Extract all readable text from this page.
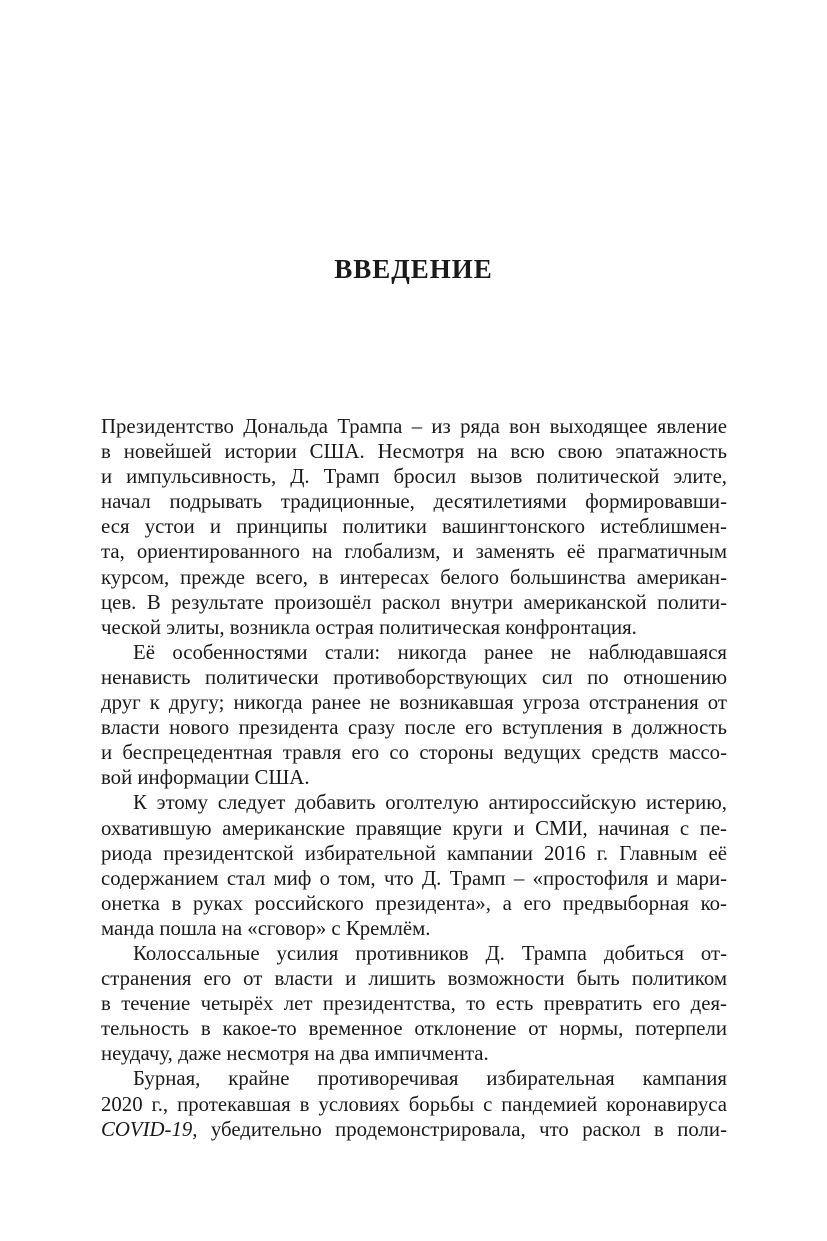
ВВЕДЕНИЕ
Президентство Дональда Трампа – из ряда вон выходящее явление
в новейшей истории США. Несмотря на всю свою эпатажность
и импульсивность, Д. Трамп бросил вызов политической элите,
начал подрывать традиционные, десятилетиями формировавши-
еся устои и принципы политики вашингтонского истеблишмен-
та, ориентированного на глобализм, и заменять её прагматичным
курсом, прежде всего, в интересах белого большинства американ-
цев. В результате произошёл раскол внутри американской полити-
ческой элиты, возникла острая политическая конфронтация.
Её особенностями стали: никогда ранее не наблюдавшаяся
ненависть политически противоборствующих сил по отношению
друг к другу; никогда ранее не возникавшая угроза отстранения от
власти нового президента сразу после его вступления в должность
и беспрецедентная травля его со стороны ведущих средств массо-
вой информации США.
К этому следует добавить оголтелую антироссийскую истерию,
охватившую американские правящие круги и СМИ, начиная с пе-
риода президентской избирательной кампании 2016 г. Главным её
содержанием стал миф о том, что Д. Трамп – «простофиля и мари-
онетка в руках российского президента», а его предвыборная ко-
манда пошла на «сговор» с Кремлём.
Колоссальные усилия противников Д. Трампа добиться от-
странения его от власти и лишить возможности быть политиком
в течение четырёх лет президентства, то есть превратить его дея-
тельность в какое-то временное отклонение от нормы, потерпели
неудачу, даже несмотря на два импичмента.
Бурная, крайне противоречивая избирательная кампания
2020 г., протекавшая в условиях борьбы с пандемией коронавируса
COVID-19, убедительно продемонстрировала, что раскол в поли-
